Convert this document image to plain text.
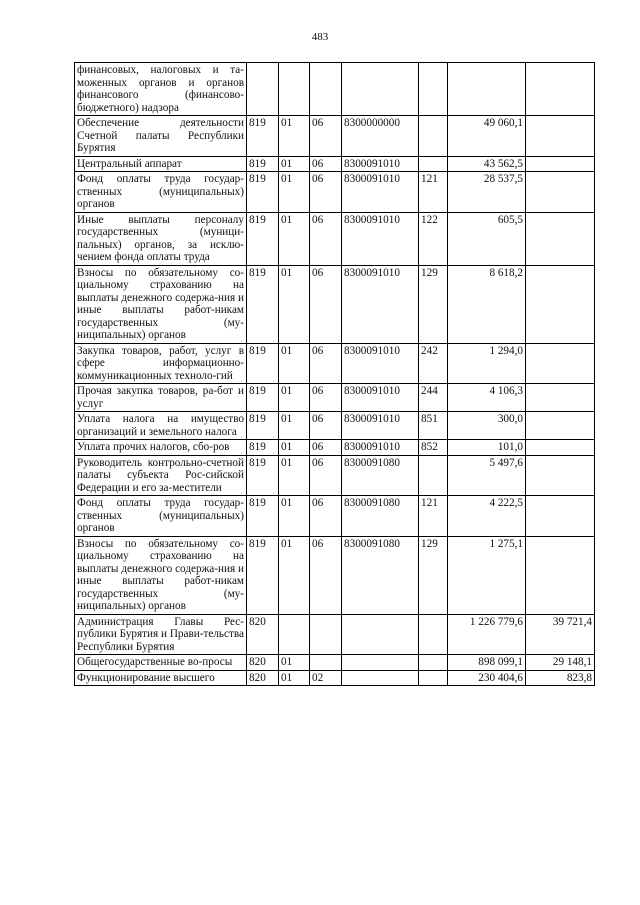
483
финансовых, налоговых и та-моженных органов и органов финансового (финансово-бюджетного) надзора							
Обеспечение деятельности Счетной палаты Республики Бурятия	819	01	06	8300000000		49 060,1	
Центральный аппарат	819	01	06	8300091010		43 562,5	
Фонд оплаты труда государ-ственных (муниципальных) органов	819	01	06	8300091010	121	28 537,5	
Иные выплаты персоналу государственных (муници-пальных) органов, за исклю-чением фонда оплаты труда	819	01	06	8300091010	122	605,5	
Взносы по обязательному со-циальному страхованию на выплаты денежного содержа-ния и иные выплаты работ-никам государственных (му-ниципальных) органов	819	01	06	8300091010	129	8 618,2	
Закупка товаров, работ, услуг в сфере информационно-коммуникационных техноло-гий	819	01	06	8300091010	242	1 294,0	
Прочая закупка товаров, ра-бот и услуг	819	01	06	8300091010	244	4 106,3	
Уплата налога на имущество организаций и земельного налога	819	01	06	8300091010	851	300,0	
Уплата прочих налогов, сбо-ров	819	01	06	8300091010	852	101,0	
Руководитель контрольно-счетной палаты субъекта Рос-сийской Федерации и его за-местители	819	01	06	8300091080		5 497,6	
Фонд оплаты труда государ-ственных (муниципальных) органов	819	01	06	8300091080	121	4 222,5	
Взносы по обязательному со-циальному страхованию на выплаты денежного содержа-ния и иные выплаты работ-никам государственных (му-ниципальных) органов	819	01	06	8300091080	129	1 275,1	
Администрация Главы Рес-публики Бурятия и Прави-тельства Республики Бурятия	820					1 226 779,6	39 721,4
Общегосударственные во-просы	820	01				898 099,1	29 148,1
Функционирование высшего	820	01	02			230 404,6	823,8
